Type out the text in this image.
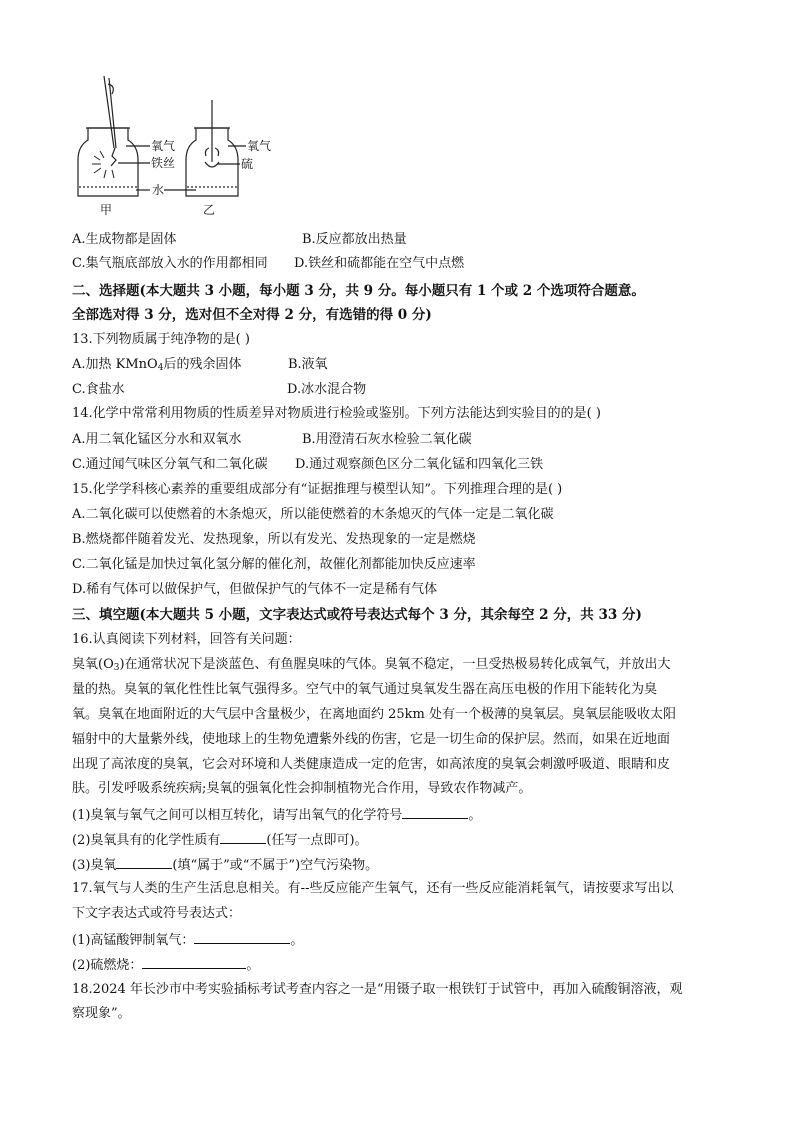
氧气
铁丝
水
甲
氧气
硫
乙
A.生成物都是固体	B.反应都放出热量
C.集气瓶底部放入水的作用都相同 D.铁丝和硫都能在空气中点燃
二、选择题(本大题共 3 小题，每小题 3 分，共 9 分。每小题只有 1 个或 2 个选项符合题意。
全部选对得 3 分，选对但不全对得 2 分，有选错的得 0 分)
13.下列物质属于纯净物的是( )
A.加热 KMnO$_4$后的残余固体	B.液氧
C.食盐水	D.冰水混合物
14.化学中常常利用物质的性质差异对物质进行检验或鉴别。下列方法能达到实验目的的是( )
A.用二氧化锰区分水和双氧水	B.用澄清石灰水检验二氧化碳
C.通过闻气味区分氧气和二氧化碳 D.通过观察颜色区分二氧化锰和四氧化三铁
15.化学学科核心素养的重要组成部分有“证据推理与模型认知”。下列推理合理的是( )
A.二氧化碳可以使燃着的木条熄灭，所以能使燃着的木条熄灭的气体一定是二氧化碳
B.燃烧都伴随着发光、发热现象，所以有发光、发热现象的一定是燃烧
C.二氧化锰是加快过氧化氢分解的催化剂，故催化剂都能加快反应速率
D.稀有气体可以做保护气，但做保护气的气体不一定是稀有气体
三、填空题(本大题共 5 小题，文字表达式或符号表达式每个 3 分，其余每空 2 分，共 33 分)
16.认真阅读下列材料，回答有关问题：
臭氧$(O_3)$在通常状况下是淡蓝色、有鱼腥臭味的气体。臭氧不稳定，一旦受热极易转化成氧气，并放出大
量的热。臭氧的氧化性性比氧气强得多。空气中的氧气通过臭氧发生器在高压电极的作用下能转化为臭
氧。臭氧在地面附近的大气层中含量极少，在离地面约 25km 处有一个极薄的臭氧层。臭氧层能吸收太阳
辐射中的大量紫外线，使地球上的生物免遭紫外线的伤害，它是一切生命的保护层。然而，如果在近地面
出现了高浓度的臭氧，它会对环境和人类健康造成一定的危害，如高浓度的臭氧会刺激呼吸道、眼睛和皮
肤。引发呼吸系统疾病;臭氧的强氧化性会抑制植物光合作用，导致农作物减产。
(1)臭氧与氧气之间可以相互转化，请写出氧气的化学符号	。
(2)臭氧具有的化学性质有	(任写一点即可)。
(3)臭氧	(填“属于”或“不属于”)空气污染物。
17.氧气与人类的生产生活息息相关。有--些反应能产生氧气，还有一些反应能消耗氧气，请按要求写出以
下文字表达式或符号表达式：
(1)高锰酸钾制氧气：	。
(2)硫燃烧：	。
18.2024 年长沙市中考实验插标考试考查内容之一是“用镊子取一根铁钉于试管中，再加入硫酸铜溶液，观
察现象”。
